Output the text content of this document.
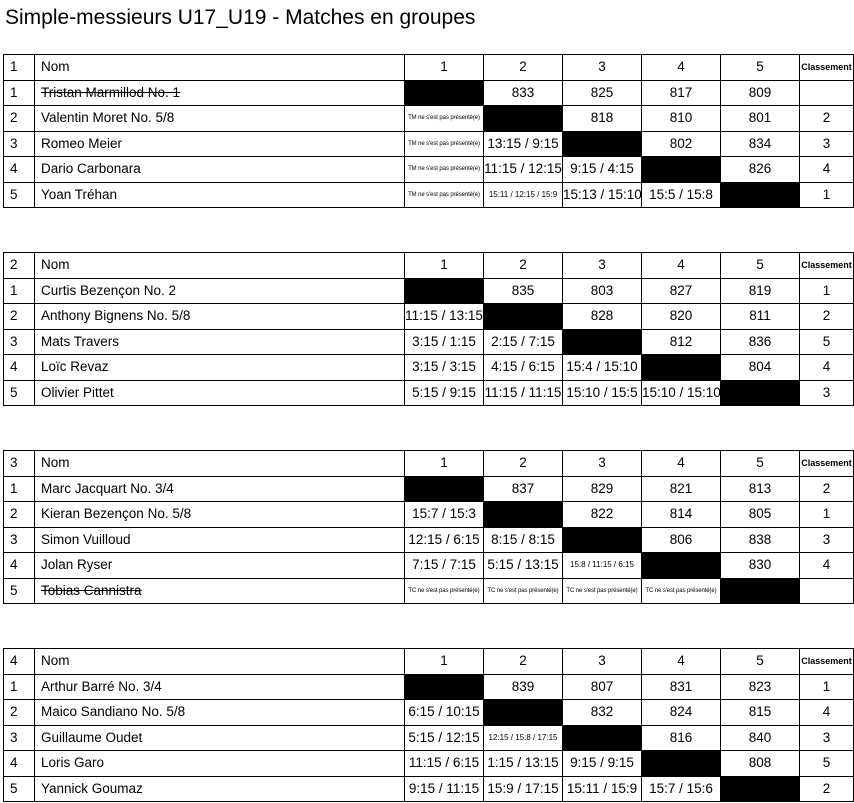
Simple-messieurs U17_U19 - Matches en groupes
1	Nom	1	2	3	4	5	Classement
1	Tristan Marmillod No. 1		833	825	817	809	
2	Valentin Moret No. 5/8	TM ne s'est pas présenté(e)		818	810	801	2
3	Romeo Meier	TM ne s'est pas présenté(e)	13:15 / 9:15		802	834	3
4	Dario Carbonara	TM ne s'est pas présenté(e)	11:15 / 12:15	9:15 / 4:15		826	4
5	Yoan Tréhan	TM ne s'est pas présenté(e)	15:11 / 12:15 / 15:9	15:13 / 15:10	15:5 / 15:8		1
2	Nom	1	2	3	4	5	Classement
1	Curtis Bezençon No. 2		835	803	827	819	1
2	Anthony Bignens No. 5/8	11:15 / 13:15		828	820	811	2
3	Mats Travers	3:15 / 1:15	2:15 / 7:15		812	836	5
4	Loïc Revaz	3:15 / 3:15	4:15 / 6:15	15:4 / 15:10		804	4
5	Olivier Pittet	5:15 / 9:15	11:15 / 11:15	15:10 / 15:5	15:10 / 15:10		3
3	Nom	1	2	3	4	5	Classement
1	Marc Jacquart No. 3/4		837	829	821	813	2
2	Kieran Bezençon No. 5/8	15:7 / 15:3		822	814	805	1
3	Simon Vuilloud	12:15 / 6:15	8:15 / 8:15		806	838	3
4	Jolan Ryser	7:15 / 7:15	5:15 / 13:15	15:8 / 11:15 / 6:15		830	4
5	Tobias Cannistra	TC ne s'est pas présenté(e)	TC ne s'est pas présenté(e)	TC ne s'est pas présenté(e)	TC ne s'est pas présenté(e)		
4	Nom	1	2	3	4	5	Classement
1	Arthur Barré No. 3/4		839	807	831	823	1
2	Maico Sandiano No. 5/8	6:15 / 10:15		832	824	815	4
3	Guillaume Oudet	5:15 / 12:15	12:15 / 15:8 / 17:15		816	840	3
4	Loris Garo	11:15 / 6:15	1:15 / 13:15	9:15 / 9:15		808	5
5	Yannick Goumaz	9:15 / 11:15	15:9 / 17:15	15:11 / 15:9	15:7 / 15:6		2
